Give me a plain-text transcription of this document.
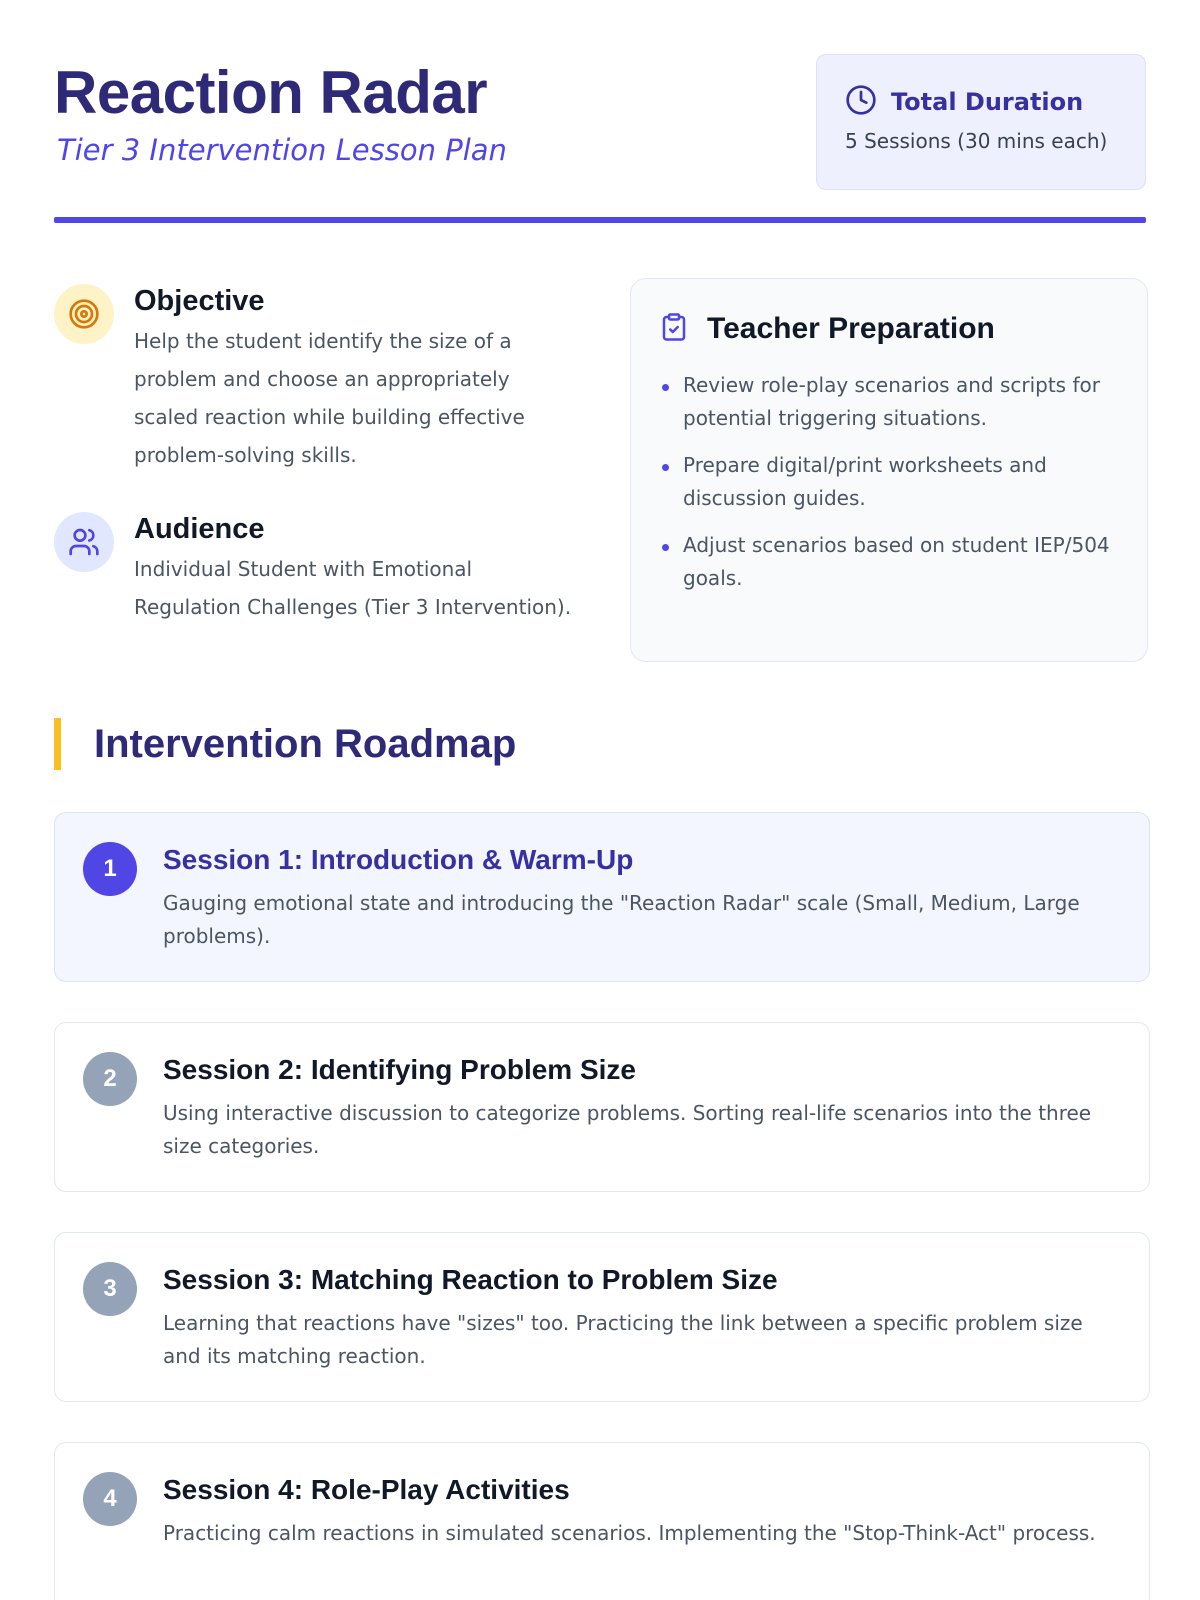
Reaction Radar
Tier 3 Intervention Lesson Plan
Total Duration
5 Sessions (30 mins each)
Objective
Help the student identify the size of a problem and choose an appropriately scaled reaction while building effective problem-solving skills.
Audience
Individual Student with Emotional Regulation Challenges (Tier 3 Intervention).
Teacher Preparation
Review role-play scenarios and scripts for potential triggering situations.
Prepare digital/print worksheets and discussion guides.
Adjust scenarios based on student IEP/504 goals.
Intervention Roadmap
1	Session 1: Introduction & Warm-Up
Gauging emotional state and introducing the "Reaction Radar" scale (Small, Medium, Large problems).
2	Session 2: Identifying Problem Size
Using interactive discussion to categorize problems. Sorting real-life scenarios into the three size categories.
3	Session 3: Matching Reaction to Problem Size
Learning that reactions have "sizes" too. Practicing the link between a specific problem size and its matching reaction.
4	Session 4: Role-Play Activities
Practicing calm reactions in simulated scenarios. Implementing the "Stop-Think-Act" process.
